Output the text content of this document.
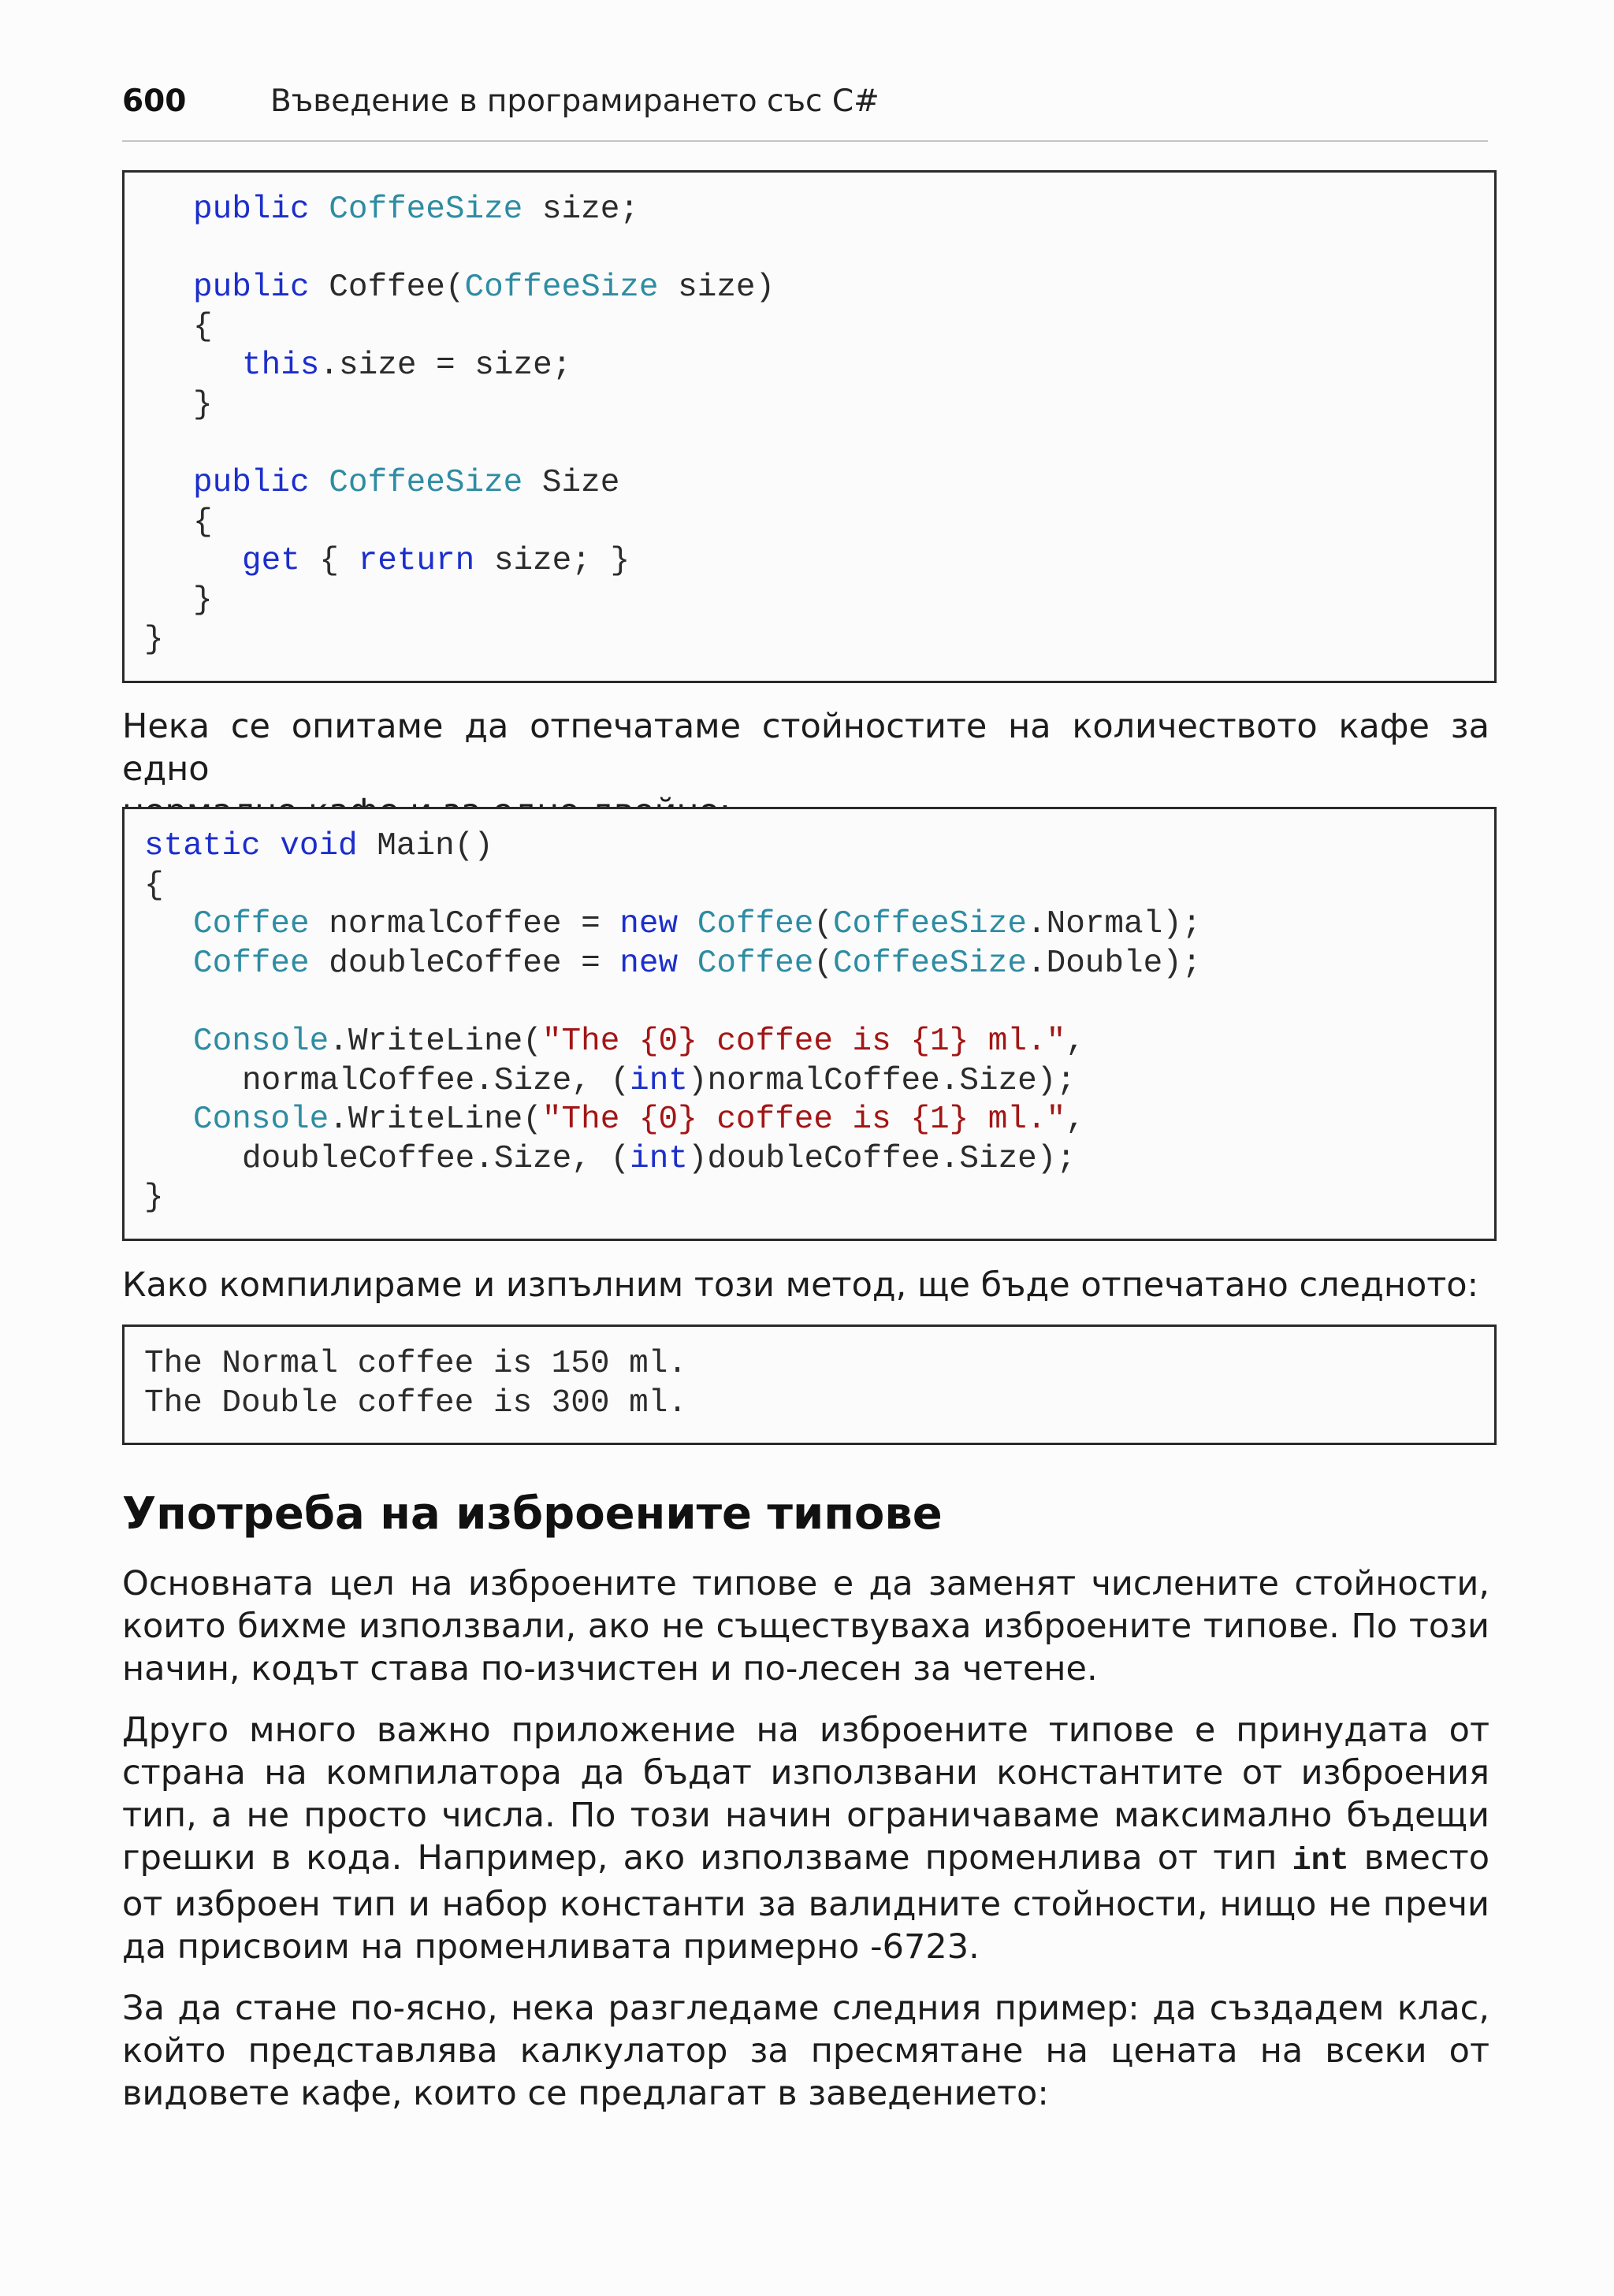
600	Въведение в програмирането със C#
public CoffeeSize size;
public Coffee(CoffeeSize size)
{
this.size = size;
}
public CoffeeSize Size
{
get { return size; }
}
}
Нека се опитаме да отпечатаме стойностите на количеството кафе за едно
static void Main()
{
Coffee normalCoffee = new Coffee(CoffeeSize.Normal);
Coffee doubleCoffee = new Coffee(CoffeeSize.Double);
Console.WriteLine("The {0} coffee is {1} ml.",
normalCoffee.Size, (int)normalCoffee.Size);
Console.WriteLine("The {0} coffee is {1} ml.",
doubleCoffee.Size, (int)doubleCoffee.Size);
}
Како компилираме и изпълним този метод, ще бъде отпечатано следното:
The Normal coffee is 150 ml.
The Double coffee is 300 ml.
Употреба на изброените типове
Основната цел на изброените типове е да заменят числените стойности,
които бихме използвали, ако не съществуваха изброените типове. По този
начин, кодът става по-изчистен и по-лесен за четене.
Друго много важно приложение на изброените типове е принудата от
страна на компилатора да бъдат използвани константите от изброения
тип, а не просто числа. По този начин ограничаваме максимално бъдещи
грешки в кода. Например, ако използваме променлива от тип int вместо
от изброен тип и набор константи за валидните стойности, нищо не пречи
да присвоим на променливата примерно -6723.
За да стане по-ясно, нека разгледаме следния пример: да създадем клас,
който представлява калкулатор за пресмятане на цената на всеки от
видовете кафе, които се предлагат в заведението:
